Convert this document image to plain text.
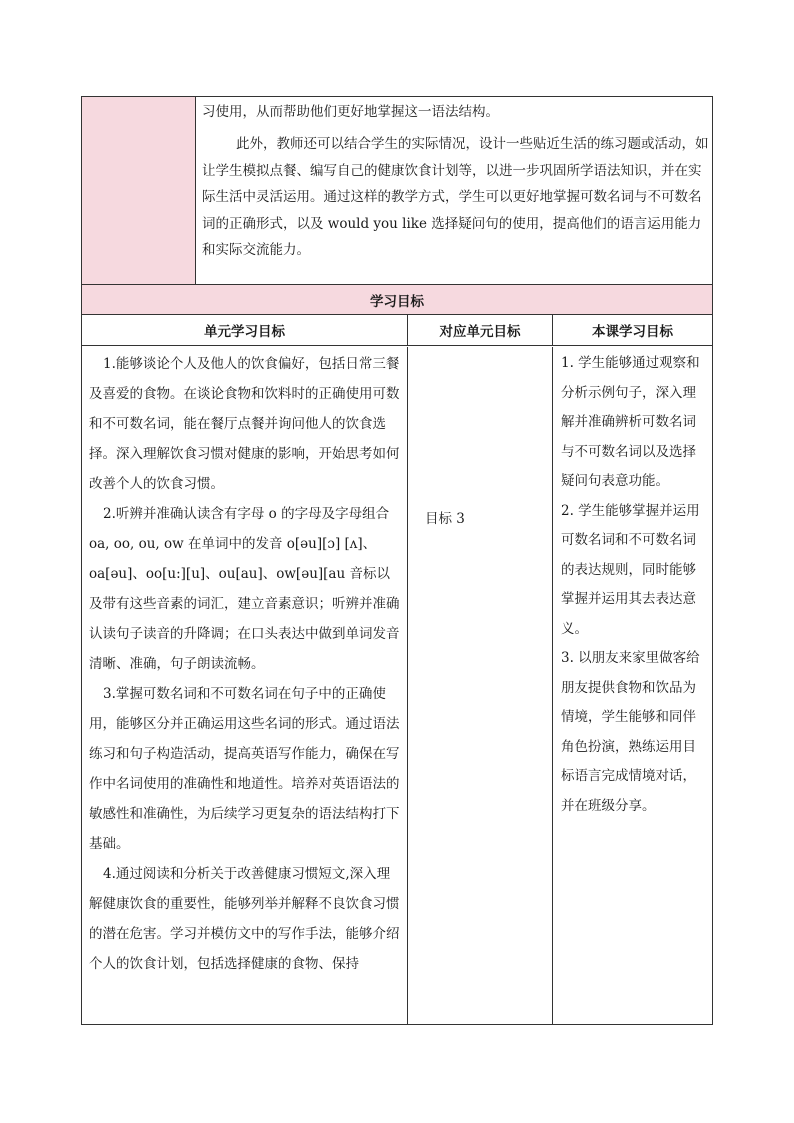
习使用，从而帮助他们更好地掌握这一语法结构。

此外，教师还可以结合学生的实际情况，设计一些贴近生活的练习题或活动，如让学生模拟点餐、编写自己的健康饮食计划等，以进一步巩固所学语法知识，并在实际生活中灵活运用。通过这样的教学方式，学生可以更好地掌握可数名词与不可数名词的正确形式，以及 would you like 选择疑问句的使用，提高他们的语言运用能力和实际交流能力。

学习目标
单元学习目标	对应单元目标	本课学习目标

1.能够谈论个人及他人的饮食偏好，包括日常三餐及喜爱的食物。在谈论食物和饮料时的正确使用可数和不可数名词，能在餐厅点餐并询问他人的饮食选择。深入理解饮食习惯对健康的影响，开始思考如何改善个人的饮食习惯。

2.听辨并准确认读含有字母 o 的字母及字母组合 oa, oo, ou, ow 在单词中的发音 o[əu][ɔ] [ʌ]、oa[əu]、oo[u:][u]、ou[au]、ow[əu][au 音标以及带有这些音素的词汇，建立音素意识；听辨并准确认读句子读音的升降调；在口头表达中做到单词发音清晰、准确，句子朗读流畅。

3.掌握可数名词和不可数名词在句子中的正确使用，能够区分并正确运用这些名词的形式。通过语法练习和句子构造活动，提高英语写作能力，确保在写作中名词使用的准确性和地道性。培养对英语语法的敏感性和准确性，为后续学习更复杂的语法结构打下基础。

4.通过阅读和分析关于改善健康习惯短文,深入理解健康饮食的重要性，能够列举并解释不良饮食习惯的潜在危害。学习并模仿文中的写作手法，能够介绍个人的饮食计划，包括选择健康的食物、保持

目标 3

1. 学生能够通过观察和分析示例句子，深入理解并准确辨析可数名词与不可数名词以及选择疑问句表意功能。

2. 学生能够掌握并运用可数名词和不可数名词的表达规则，同时能够掌握并运用其去表达意义。

3. 以朋友来家里做客给朋友提供食物和饮品为情境，学生能够和同伴角色扮演，熟练运用目标语言完成情境对话，并在班级分享。
